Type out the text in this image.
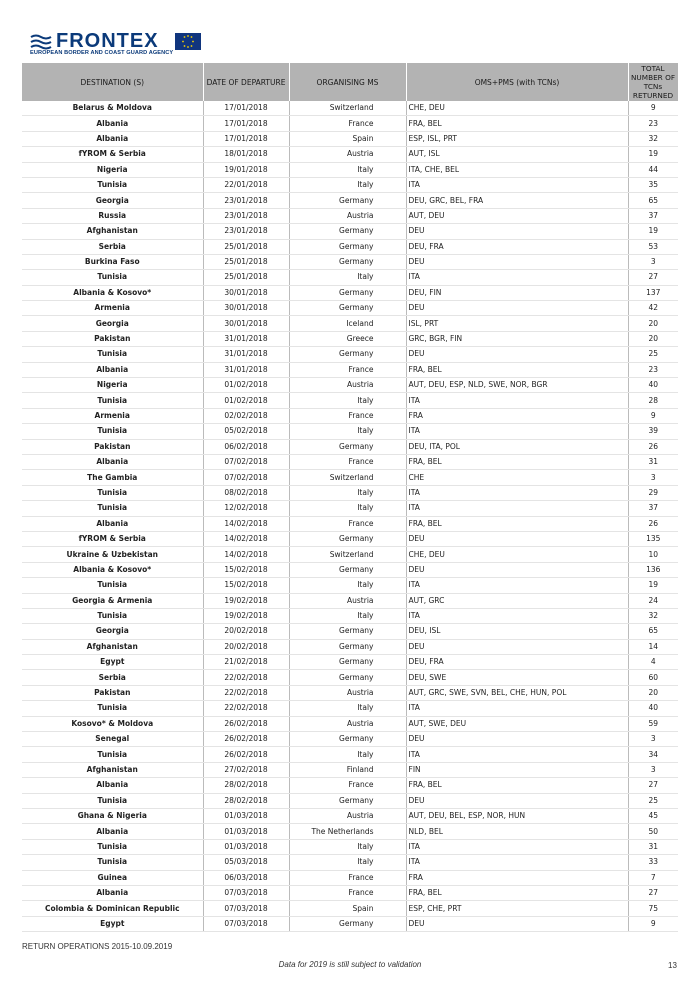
FRONTEX
EUROPEAN BORDER AND COAST GUARD AGENCY
DESTINATION (S)	DATE OF DEPARTURE	ORGANISING MS	OMS+PMS (with TCNs)	TOTAL NUMBER OF TCNs RETURNED
Belarus & Moldova	17/01/2018	Switzerland	CHE, DEU	9
Albania	17/01/2018	France	FRA, BEL	23
Albania	17/01/2018	Spain	ESP, ISL, PRT	32
fYROM & Serbia	18/01/2018	Austria	AUT, ISL	19
Nigeria	19/01/2018	Italy	ITA, CHE, BEL	44
Tunisia	22/01/2018	Italy	ITA	35
Georgia	23/01/2018	Germany	DEU, GRC, BEL, FRA	65
Russia	23/01/2018	Austria	AUT, DEU	37
Afghanistan	23/01/2018	Germany	DEU	19
Serbia	25/01/2018	Germany	DEU, FRA	53
Burkina Faso	25/01/2018	Germany	DEU	3
Tunisia	25/01/2018	Italy	ITA	27
Albania & Kosovo*	30/01/2018	Germany	DEU, FIN	137
Armenia	30/01/2018	Germany	DEU	42
Georgia	30/01/2018	Iceland	ISL, PRT	20
Pakistan	31/01/2018	Greece	GRC, BGR, FIN	20
Tunisia	31/01/2018	Germany	DEU	25
Albania	31/01/2018	France	FRA, BEL	23
Nigeria	01/02/2018	Austria	AUT, DEU, ESP, NLD, SWE, NOR, BGR	40
Tunisia	01/02/2018	Italy	ITA	28
Armenia	02/02/2018	France	FRA	9
Tunisia	05/02/2018	Italy	ITA	39
Pakistan	06/02/2018	Germany	DEU, ITA, POL	26
Albania	07/02/2018	France	FRA, BEL	31
The Gambia	07/02/2018	Switzerland	CHE	3
Tunisia	08/02/2018	Italy	ITA	29
Tunisia	12/02/2018	Italy	ITA	37
Albania	14/02/2018	France	FRA, BEL	26
fYROM & Serbia	14/02/2018	Germany	DEU	135
Ukraine & Uzbekistan	14/02/2018	Switzerland	CHE, DEU	10
Albania & Kosovo*	15/02/2018	Germany	DEU	136
Tunisia	15/02/2018	Italy	ITA	19
Georgia & Armenia	19/02/2018	Austria	AUT, GRC	24
Tunisia	19/02/2018	Italy	ITA	32
Georgia	20/02/2018	Germany	DEU, ISL	65
Afghanistan	20/02/2018	Germany	DEU	14
Egypt	21/02/2018	Germany	DEU, FRA	4
Serbia	22/02/2018	Germany	DEU, SWE	60
Pakistan	22/02/2018	Austria	AUT, GRC, SWE, SVN, BEL, CHE, HUN, POL	20
Tunisia	22/02/2018	Italy	ITA	40
Kosovo* & Moldova	26/02/2018	Austria	AUT, SWE, DEU	59
Senegal	26/02/2018	Germany	DEU	3
Tunisia	26/02/2018	Italy	ITA	34
Afghanistan	27/02/2018	Finland	FIN	3
Albania	28/02/2018	France	FRA, BEL	27
Tunisia	28/02/2018	Germany	DEU	25
Ghana & Nigeria	01/03/2018	Austria	AUT, DEU, BEL, ESP, NOR, HUN	45
Albania	01/03/2018	The Netherlands	NLD, BEL	50
Tunisia	01/03/2018	Italy	ITA	31
Tunisia	05/03/2018	Italy	ITA	33
Guinea	06/03/2018	France	FRA	7
Albania	07/03/2018	France	FRA, BEL	27
Colombia & Dominican Republic	07/03/2018	Spain	ESP, CHE, PRT	75
Egypt	07/03/2018	Germany	DEU	9
RETURN OPERATIONS 2015-10.09.2019
Data for 2019 is still subject to validation	13
